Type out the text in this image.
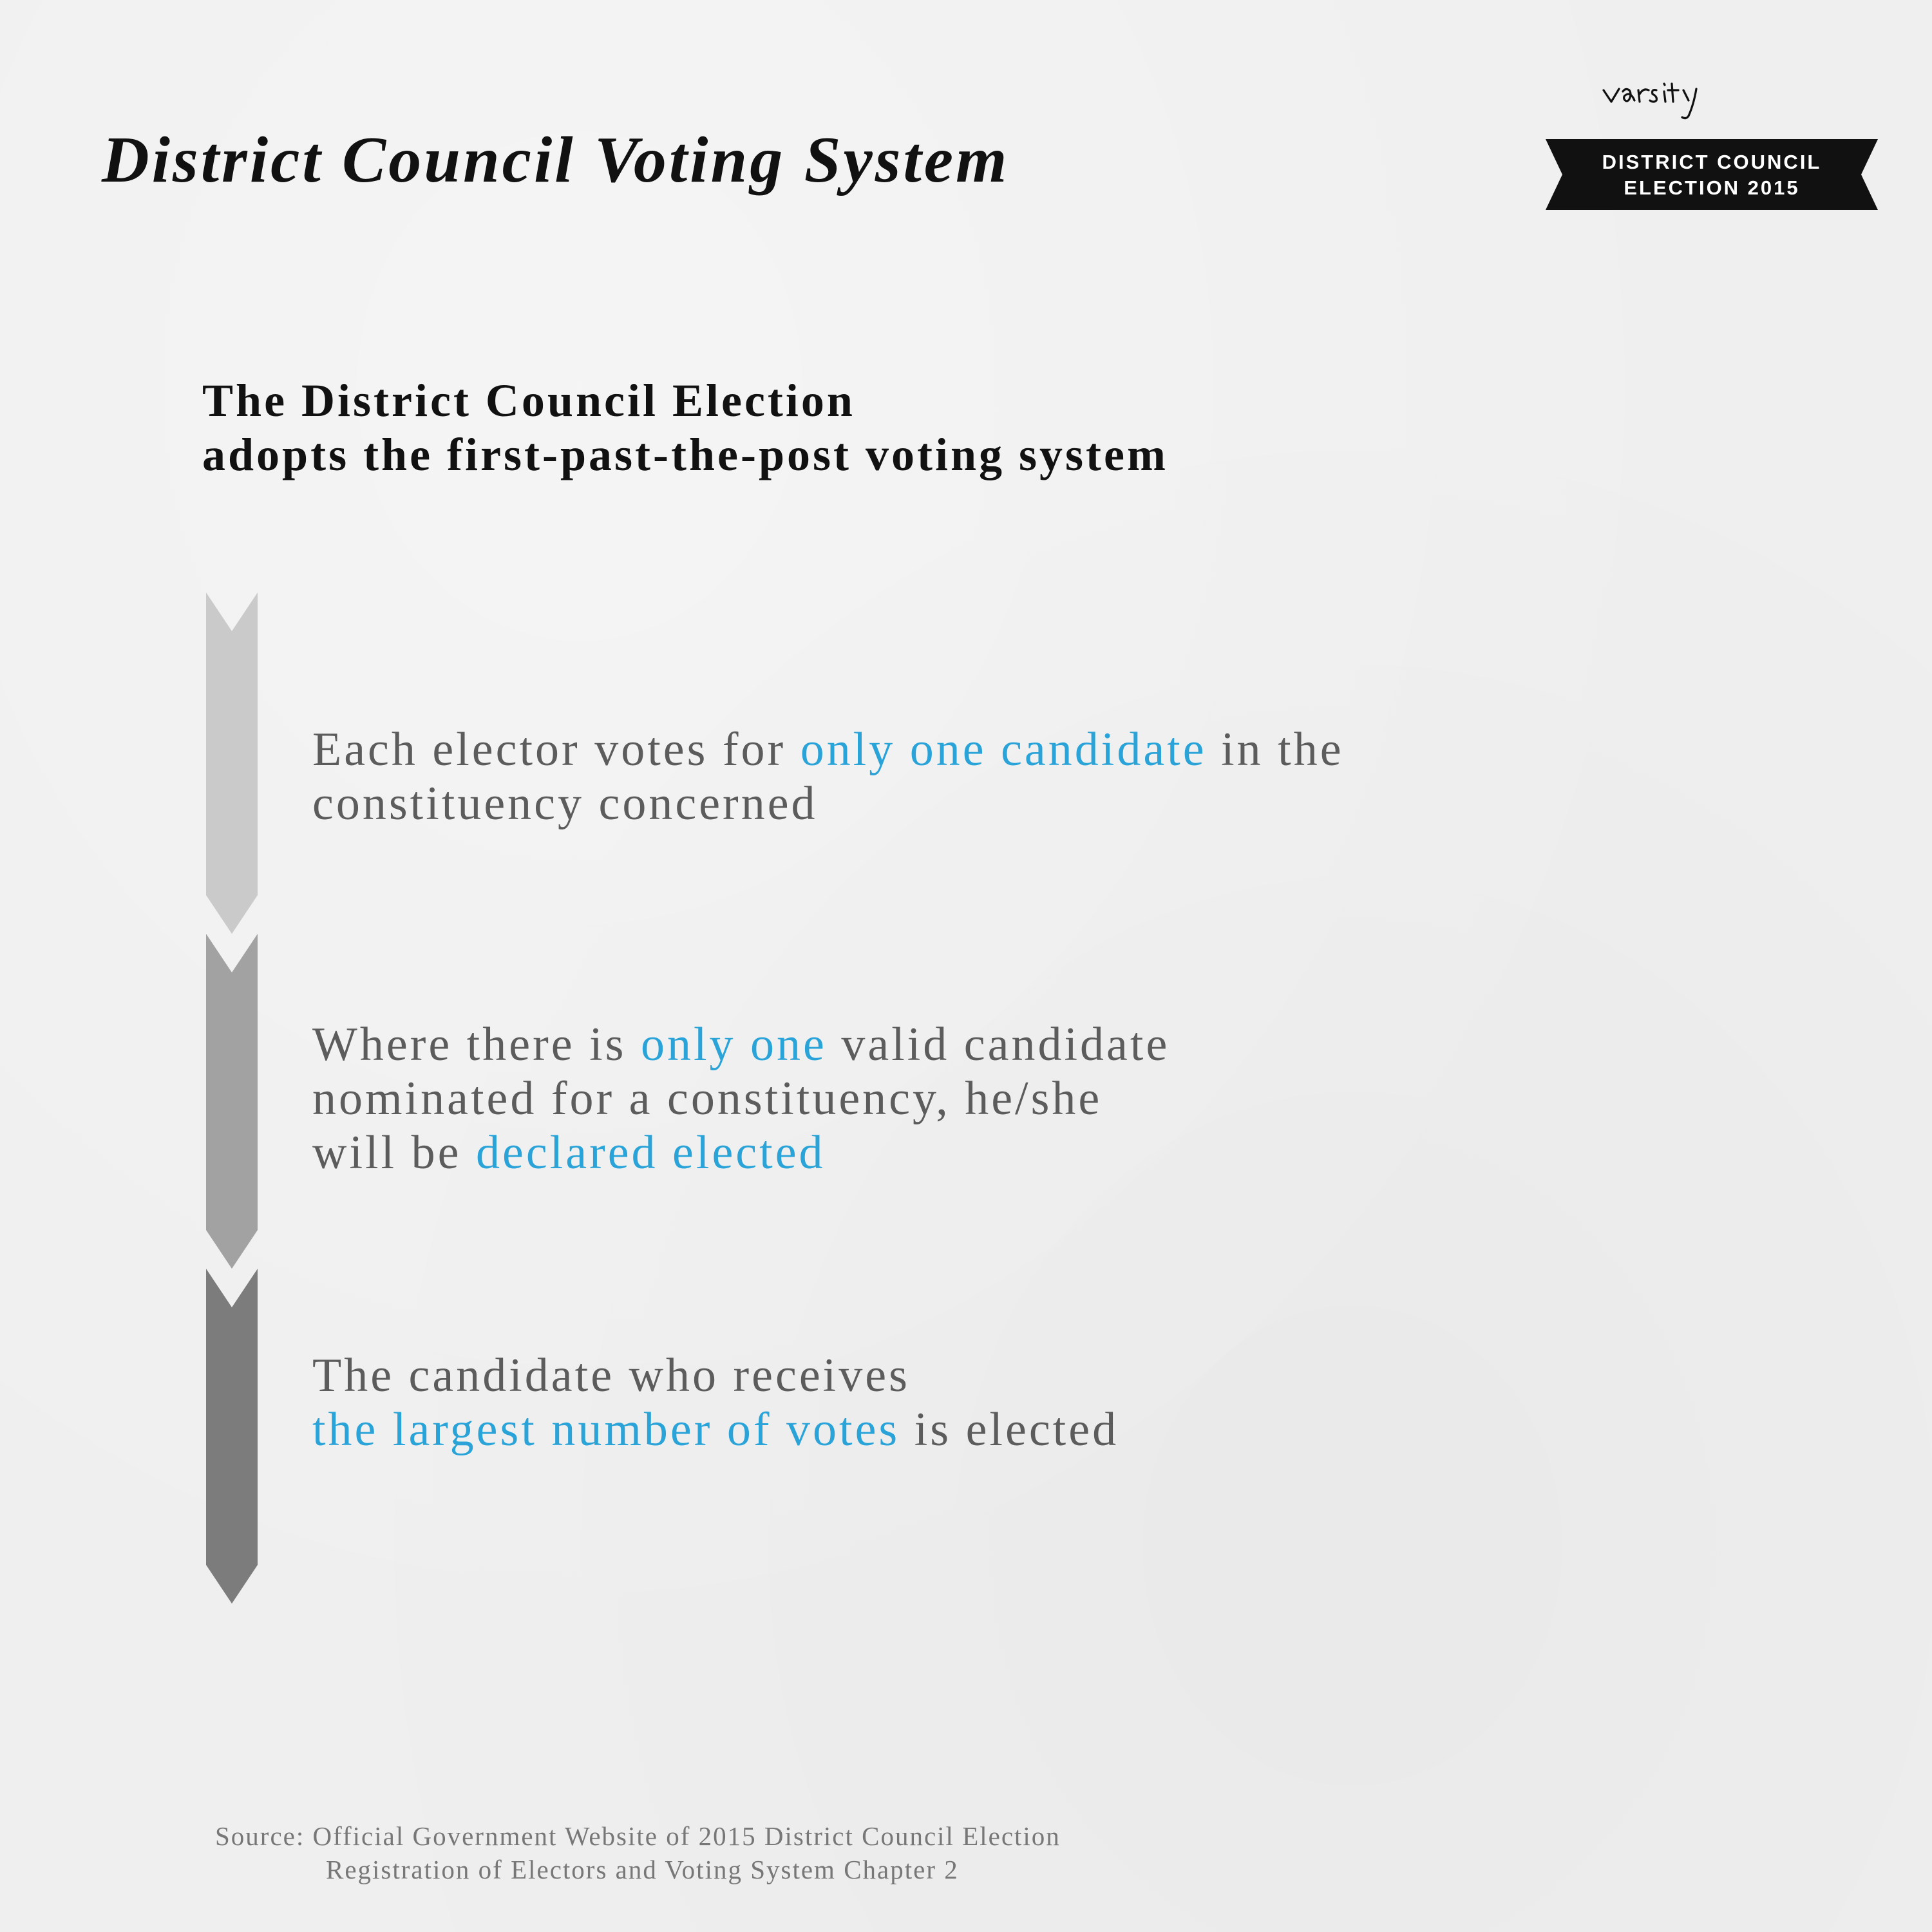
District Council Voting System	DISTRICT COUNCIL
ELECTION 2015
The District Council Election
adopts the first-past-the-post voting system

Each elector votes for only one candidate in the
constituency concerned

Where there is only one valid candidate
nominated for a constituency, he/she
will be declared elected

The candidate who receives
the largest number of votes is elected

Source: Official Government Website of 2015 District Council Election
Registration of Electors and Voting System Chapter 2
